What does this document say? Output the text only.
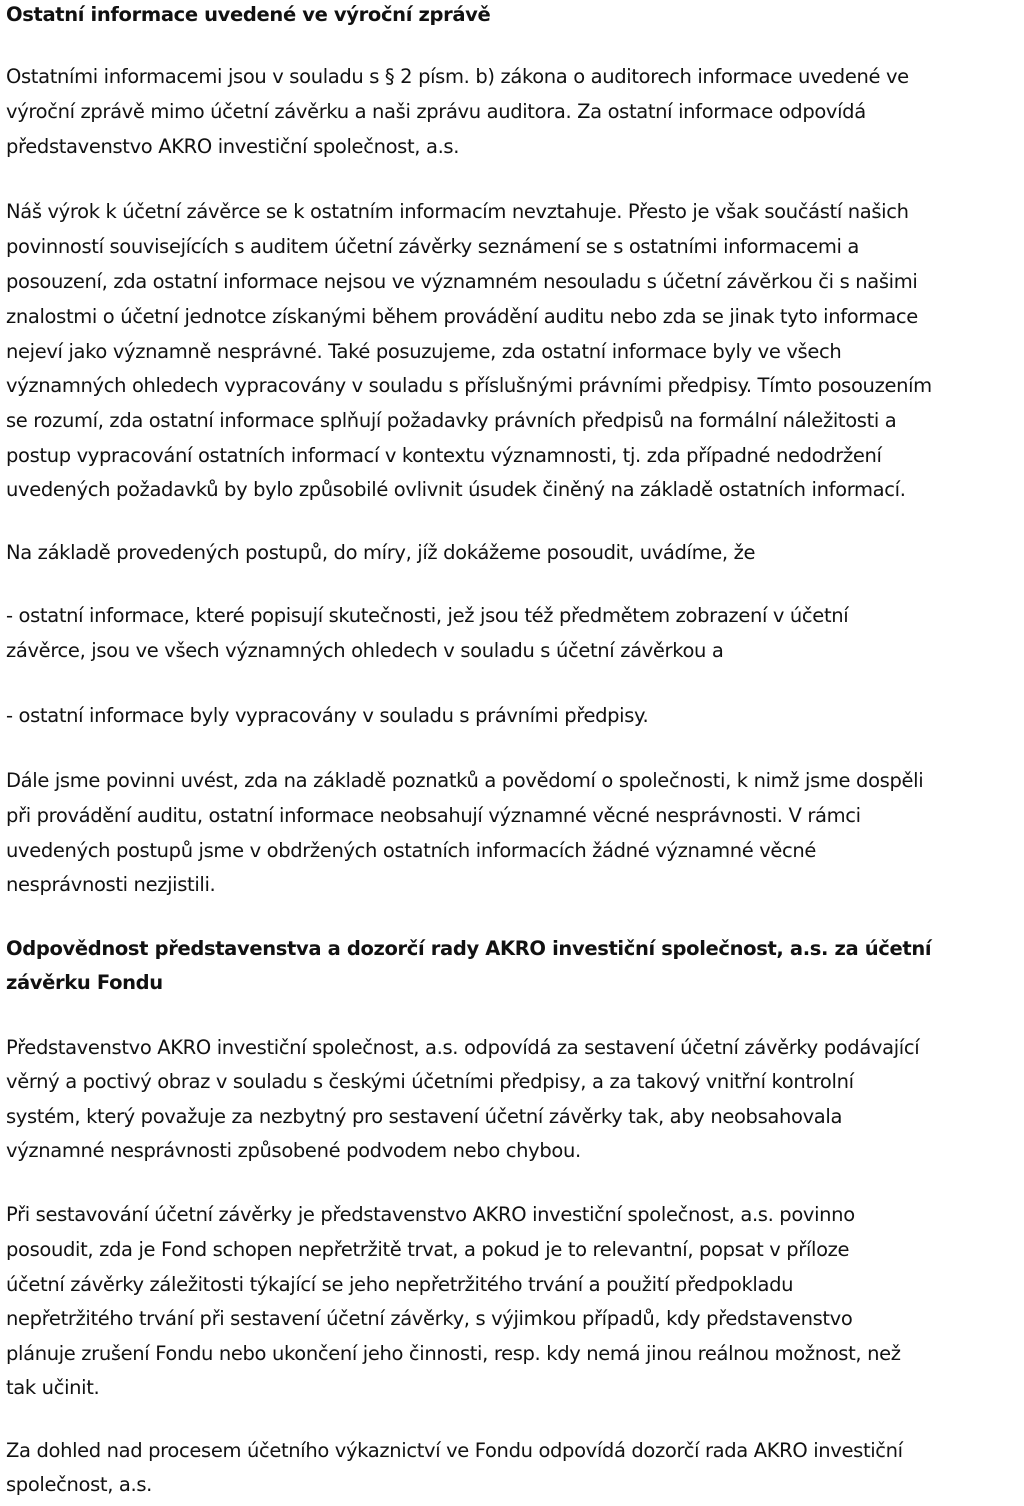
Ostatní informace uvedené ve výroční zprávě
Ostatními informacemi jsou v souladu s § 2 písm. b) zákona o auditorech informace uvedené ve
výroční zprávě mimo účetní závěrku a naši zprávu auditora. Za ostatní informace odpovídá
představenstvo AKRO investiční společnost, a.s.
Náš výrok k účetní závěrce se k ostatním informacím nevztahuje. Přesto je však součástí našich
povinností souvisejících s auditem účetní závěrky seznámení se s ostatními informacemi a
posouzení, zda ostatní informace nejsou ve významném nesouladu s účetní závěrkou či s našimi
znalostmi o účetní jednotce získanými během provádění auditu nebo zda se jinak tyto informace
nejeví jako významně nesprávné. Také posuzujeme, zda ostatní informace byly ve všech
významných ohledech vypracovány v souladu s příslušnými právními předpisy. Tímto posouzením
se rozumí, zda ostatní informace splňují požadavky právních předpisů na formální náležitosti a
postup vypracování ostatních informací v kontextu významnosti, tj. zda případné nedodržení
uvedených požadavků by bylo způsobilé ovlivnit úsudek činěný na základě ostatních informací.
Na základě provedených postupů, do míry, jíž dokážeme posoudit, uvádíme, že
- ostatní informace, které popisují skutečnosti, jež jsou též předmětem zobrazení v účetní
závěrce, jsou ve všech významných ohledech v souladu s účetní závěrkou a
- ostatní informace byly vypracovány v souladu s právními předpisy.
Dále jsme povinni uvést, zda na základě poznatků a povědomí o společnosti, k nimž jsme dospěli
při provádění auditu, ostatní informace neobsahují významné věcné nesprávnosti. V rámci
uvedených postupů jsme v obdržených ostatních informacích žádné významné věcné
nesprávnosti nezjistili.
Odpovědnost představenstva a dozorčí rady AKRO investiční společnost, a.s. za účetní
závěrku Fondu
Představenstvo AKRO investiční společnost, a.s. odpovídá za sestavení účetní závěrky podávající
věrný a poctivý obraz v souladu s českými účetními předpisy, a za takový vnitřní kontrolní
systém, který považuje za nezbytný pro sestavení účetní závěrky tak, aby neobsahovala
významné nesprávnosti způsobené podvodem nebo chybou.
Při sestavování účetní závěrky je představenstvo AKRO investiční společnost, a.s. povinno
posoudit, zda je Fond schopen nepřetržitě trvat, a pokud je to relevantní, popsat v příloze
účetní závěrky záležitosti týkající se jeho nepřetržitého trvání a použití předpokladu
nepřetržitého trvání při sestavení účetní závěrky, s výjimkou případů, kdy představenstvo
plánuje zrušení Fondu nebo ukončení jeho činnosti, resp. kdy nemá jinou reálnou možnost, než
tak učinit.
Za dohled nad procesem účetního výkaznictví ve Fondu odpovídá dozorčí rada AKRO investiční
společnost, a.s.
